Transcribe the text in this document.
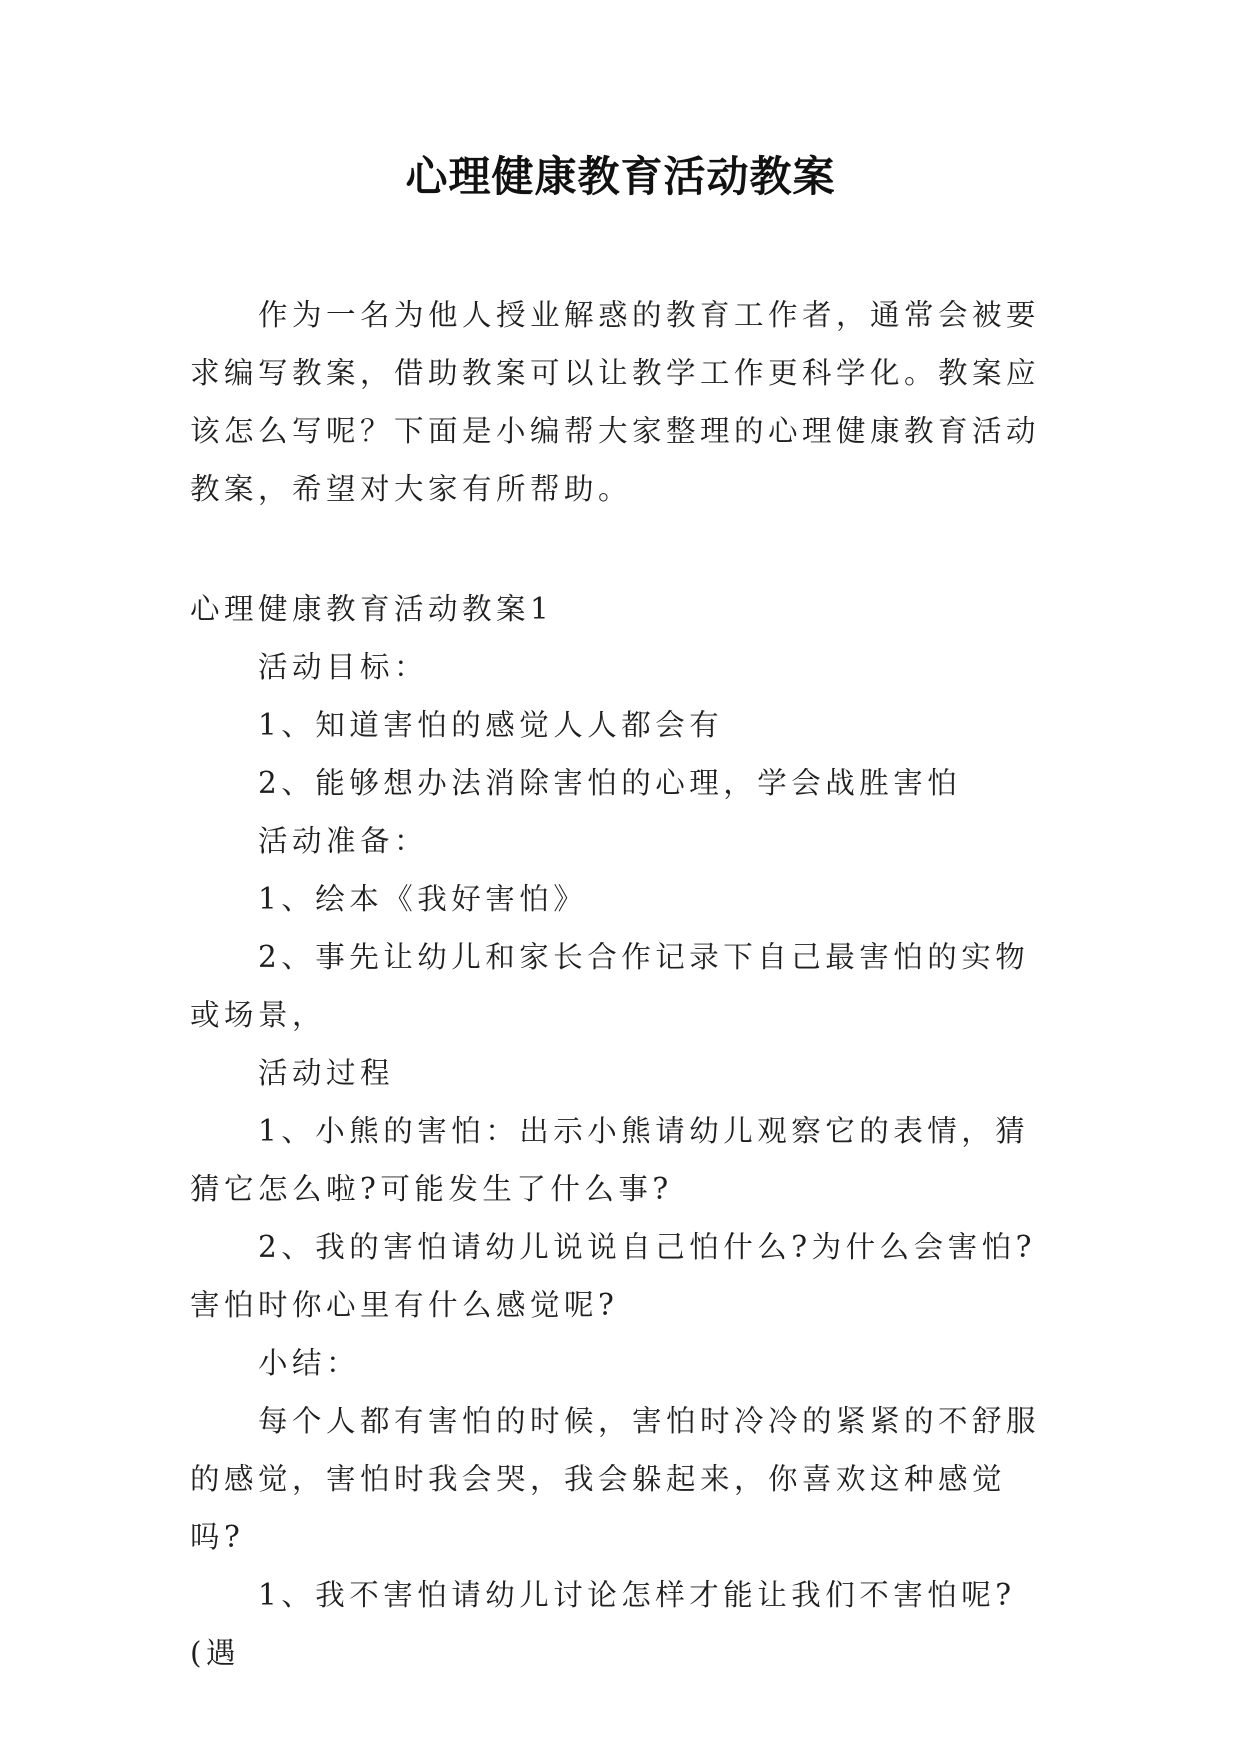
心理健康教育活动教案

作为一名为他人授业解惑的教育工作者，通常会被要求编写教案，借助教案可以让教学工作更科学化。教案应该怎么写呢？下面是小编帮大家整理的心理健康教育活动教案，希望对大家有所帮助。

心理健康教育活动教案1

活动目标：

1、知道害怕的感觉人人都会有

2、能够想办法消除害怕的心理，学会战胜害怕

活动准备：

1、绘本《我好害怕》

2、事先让幼儿和家长合作记录下自己最害怕的实物或场景，

活动过程

1、小熊的害怕：出示小熊请幼儿观察它的表情，猜猜它怎么啦?可能发生了什么事?

2、我的害怕请幼儿说说自己怕什么?为什么会害怕?害怕时你心里有什么感觉呢?

小结：

每个人都有害怕的时候，害怕时冷冷的紧紧的不舒服的感觉，害怕时我会哭，我会躲起来，你喜欢这种感觉吗?

1、我不害怕请幼儿讨论怎样才能让我们不害怕呢?(遇
